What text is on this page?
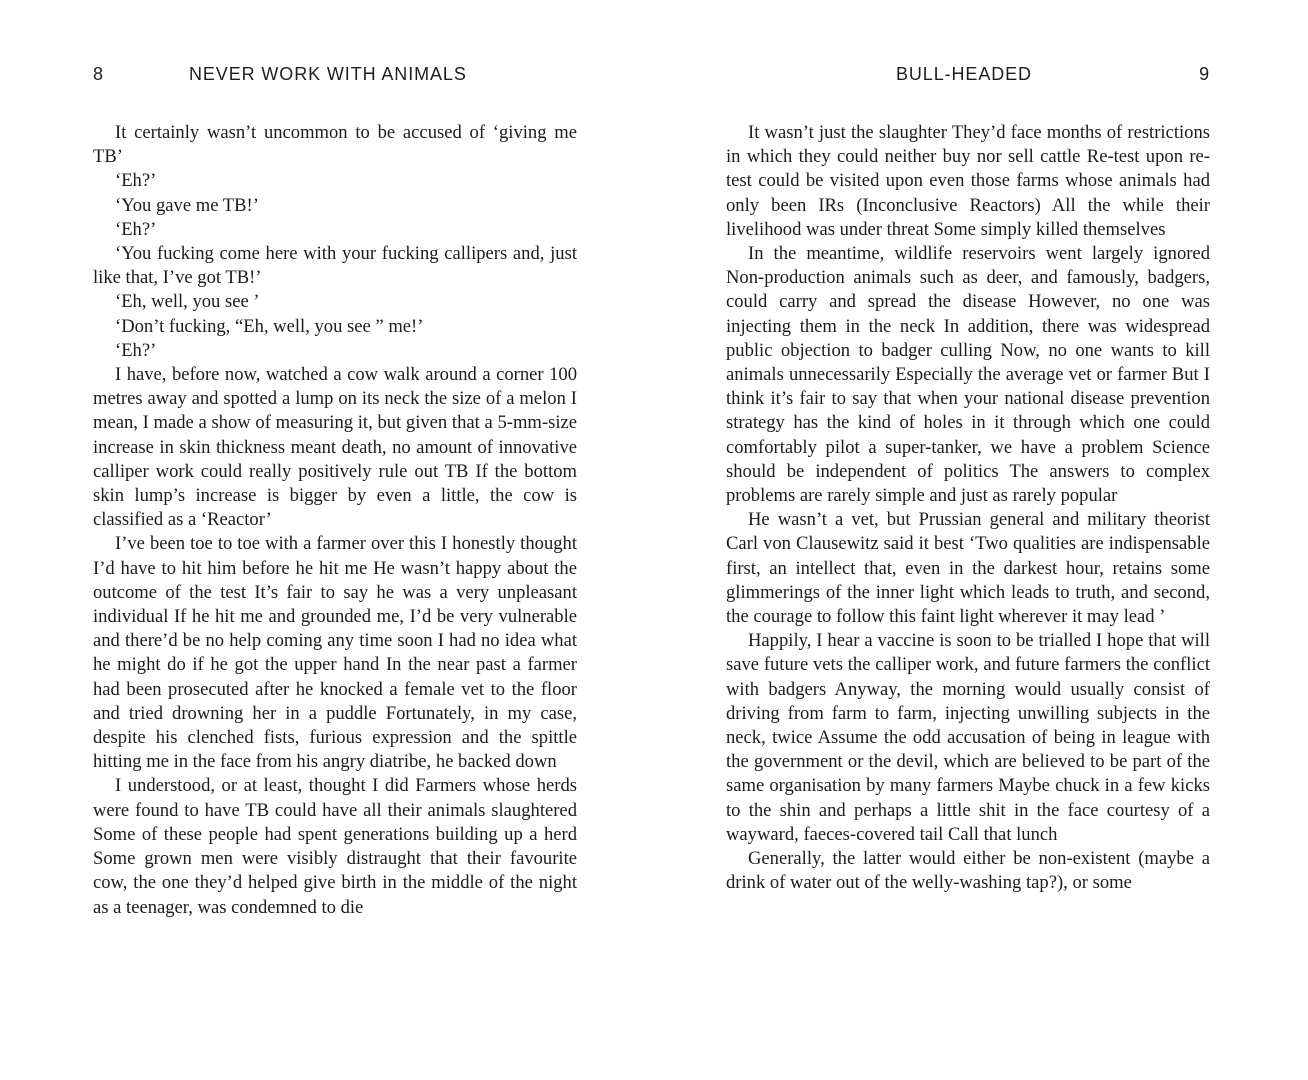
8	NEVER WORK WITH ANIMALS

It certainly wasn’t uncommon to be accused of ‘giving me TB’

‘Eh?’

‘You gave me TB!’

‘Eh?’

‘You fucking come here with your fucking callipers and, just like that, I’ve got TB!’

‘Eh, well, you see ’

‘Don’t fucking, “Eh, well, you see ” me!’

‘Eh?’

I have, before now, watched a cow walk around a corner 100 metres away and spotted a lump on its neck the size of a melon I mean, I made a show of measuring it, but given that a 5-mm-size increase in skin thickness meant death, no amount of innovative calliper work could really positively rule out TB If the bottom skin lump’s increase is bigger by even a little, the cow is classified as a ‘Reactor’

I’ve been toe to toe with a farmer over this I honestly thought I’d have to hit him before he hit me He wasn’t happy about the outcome of the test It’s fair to say he was a very unpleasant individual If he hit me and grounded me, I’d be very vulnerable and there’d be no help coming any time soon I had no idea what he might do if he got the upper hand In the near past a farmer had been prosecuted after he knocked a female vet to the floor and tried drowning her in a puddle Fortunately, in my case, despite his clenched fists, furious expression and the spittle hitting me in the face from his angry diatribe, he backed down

I understood, or at least, thought I did Farmers whose herds were found to have TB could have all their animals slaughtered Some of these people had spent generations building up a herd Some grown men were visibly distraught that their favourite cow, the one they’d helped give birth in the middle of the night as a teenager, was condemned to die

BULL-HEADED	9

It wasn’t just the slaughter They’d face months of restrictions in which they could neither buy nor sell cattle Re-test upon re-test could be visited upon even those farms whose animals had only been IRs (Inconclusive Reactors) All the while their livelihood was under threat Some simply killed themselves

In the meantime, wildlife reservoirs went largely ignored Non-production animals such as deer, and famously, badgers, could carry and spread the disease However, no one was injecting them in the neck In addition, there was widespread public objection to badger culling Now, no one wants to kill animals unnecessarily Especially the average vet or farmer But I think it’s fair to say that when your national disease prevention strategy has the kind of holes in it through which one could comfortably pilot a super-tanker, we have a problem Science should be independent of politics The answers to complex problems are rarely simple and just as rarely popular

He wasn’t a vet, but Prussian general and military theorist Carl von Clausewitz said it best ‘Two qualities are indispensable first, an intellect that, even in the darkest hour, retains some glimmerings of the inner light which leads to truth, and second, the courage to follow this faint light wherever it may lead ’

Happily, I hear a vaccine is soon to be trialled I hope that will save future vets the calliper work, and future farmers the conflict with badgers Anyway, the morning would usually consist of driving from farm to farm, injecting unwilling subjects in the neck, twice Assume the odd accusation of being in league with the government or the devil, which are believed to be part of the same organisation by many farmers Maybe chuck in a few kicks to the shin and perhaps a little shit in the face courtesy of a wayward, faeces-covered tail Call that lunch

Generally, the latter would either be non-existent (maybe a drink of water out of the welly-washing tap?), or some
